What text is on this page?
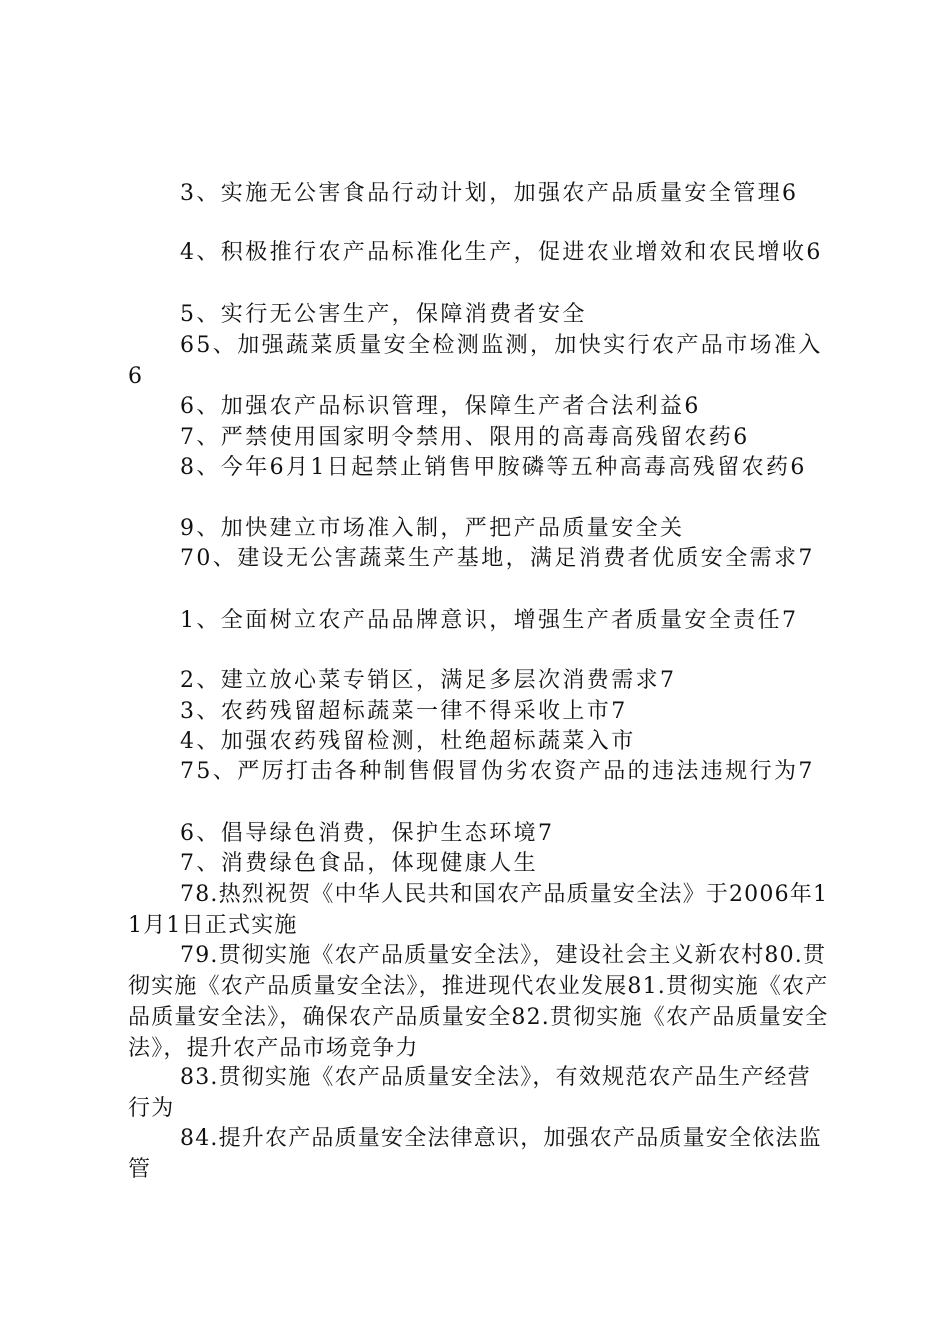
3、实施无公害食品行动计划，加强农产品质量安全管理6

4、积极推行农产品标准化生产，促进农业增效和农民增收6

5、实行无公害生产，保障消费者安全

65、加强蔬菜质量安全检测监测，加快实行农产品市场准入6

6、加强农产品标识管理，保障生产者合法利益6

7、严禁使用国家明令禁用、限用的高毒高残留农药6

8、今年6月1日起禁止销售甲胺磷等五种高毒高残留农药6

9、加快建立市场准入制，严把产品质量安全关

70、建设无公害蔬菜生产基地，满足消费者优质安全需求7

1、全面树立农产品品牌意识，增强生产者质量安全责任7

2、建立放心菜专销区，满足多层次消费需求7

3、农药残留超标蔬菜一律不得采收上市7

4、加强农药残留检测，杜绝超标蔬菜入市

75、严厉打击各种制售假冒伪劣农资产品的违法违规行为7

6、倡导绿色消费，保护生态环境7

7、消费绿色食品，体现健康人生

78.热烈祝贺《中华人民共和国农产品质量安全法》于2006年11月1日正式实施

79.贯彻实施《农产品质量安全法》，建设社会主义新农村80.贯彻实施《农产品质量安全法》，推进现代农业发展81.贯彻实施《农产品质量安全法》，确保农产品质量安全82.贯彻实施《农产品质量安全法》，提升农产品市场竞争力

83.贯彻实施《农产品质量安全法》，有效规范农产品生产经营行为

84.提升农产品质量安全法律意识，加强农产品质量安全依法监管
